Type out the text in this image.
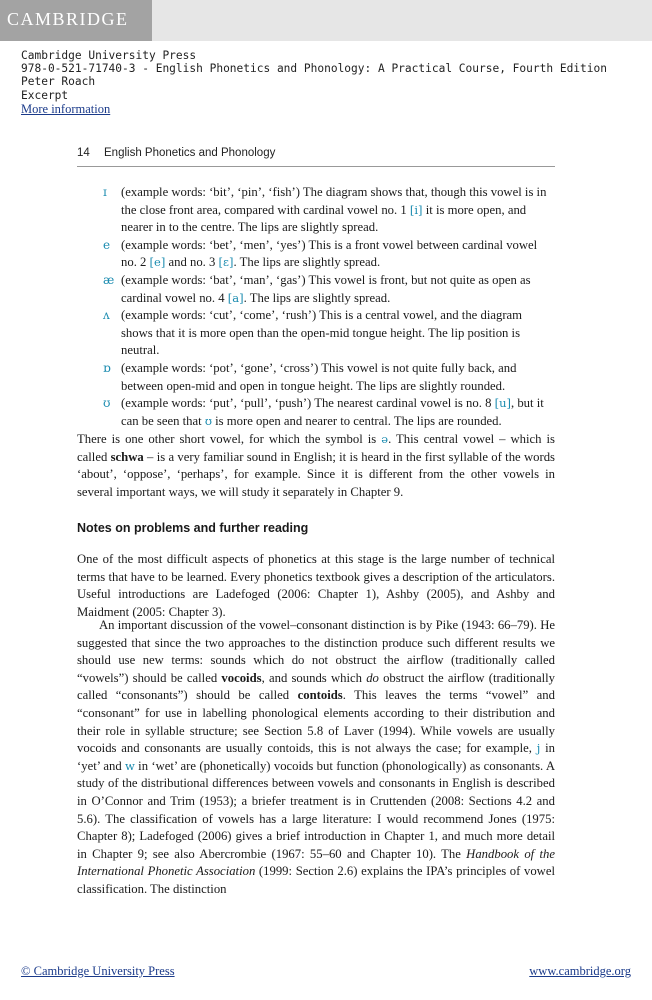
CAMBRIDGE
Cambridge University Press
978-0-521-71740-3 - English Phonetics and Phonology: A Practical Course, Fourth Edition
Peter Roach
Excerpt
More information
14 English Phonetics and Phonology
ɪ (example words: ‘bit’, ‘pin’, ‘fish’) The diagram shows that, though this vowel is in the close front area, compared with cardinal vowel no. 1 [i] it is more open, and nearer in to the centre. The lips are slightly spread.
e (example words: ‘bet’, ‘men’, ‘yes’) This is a front vowel between cardinal vowel no. 2 [e] and no. 3 [ɛ]. The lips are slightly spread.
æ (example words: ‘bat’, ‘man’, ‘gas’) This vowel is front, but not quite as open as cardinal vowel no. 4 [a]. The lips are slightly spread.
ʌ (example words: ‘cut’, ‘come’, ‘rush’) This is a central vowel, and the diagram shows that it is more open than the open-mid tongue height. The lip position is neutral.
ɒ (example words: ‘pot’, ‘gone’, ‘cross’) This vowel is not quite fully back, and between open-mid and open in tongue height. The lips are slightly rounded.
ʊ (example words: ‘put’, ‘pull’, ‘push’) The nearest cardinal vowel is no. 8 [u], but it can be seen that ʊ is more open and nearer to central. The lips are rounded.
There is one other short vowel, for which the symbol is ə. This central vowel – which is called schwa – is a very familiar sound in English; it is heard in the first syllable of the words ‘about’, ‘oppose’, ‘perhaps’, for example. Since it is different from the other vowels in several important ways, we will study it separately in Chapter 9.
Notes on problems and further reading
One of the most difficult aspects of phonetics at this stage is the large number of technical terms that have to be learned. Every phonetics textbook gives a description of the articulators. Useful introductions are Ladefoged (2006: Chapter 1), Ashby (2005), and Ashby and Maidment (2005: Chapter 3).
An important discussion of the vowel–consonant distinction is by Pike (1943: 66–79). He suggested that since the two approaches to the distinction produce such different results we should use new terms: sounds which do not obstruct the airflow (traditionally called “vowels”) should be called vocoids, and sounds which do obstruct the airflow (traditionally called “consonants”) should be called contoids. This leaves the terms “vowel” and “consonant” for use in labelling phonological elements according to their distribution and their role in syllable structure; see Section 5.8 of Laver (1994). While vowels are usually vocoids and consonants are usually contoids, this is not always the case; for example, j in ‘yet’ and w in ‘wet’ are (phonetically) vocoids but function (phonologically) as consonants. A study of the distributional differences between vowels and consonants in English is described in O’Connor and Trim (1953); a briefer treatment is in Cruttenden (2008: Sections 4.2 and 5.6). The classification of vowels has a large literature: I would recommend Jones (1975: Chapter 8); Ladefoged (2006) gives a brief introduction in Chapter 1, and much more detail in Chapter 9; see also Abercrombie (1967: 55–60 and Chapter 10). The Handbook of the International Phonetic Association (1999: Section 2.6) explains the IPA’s principles of vowel classification. The distinction
© Cambridge University Press	www.cambridge.org
